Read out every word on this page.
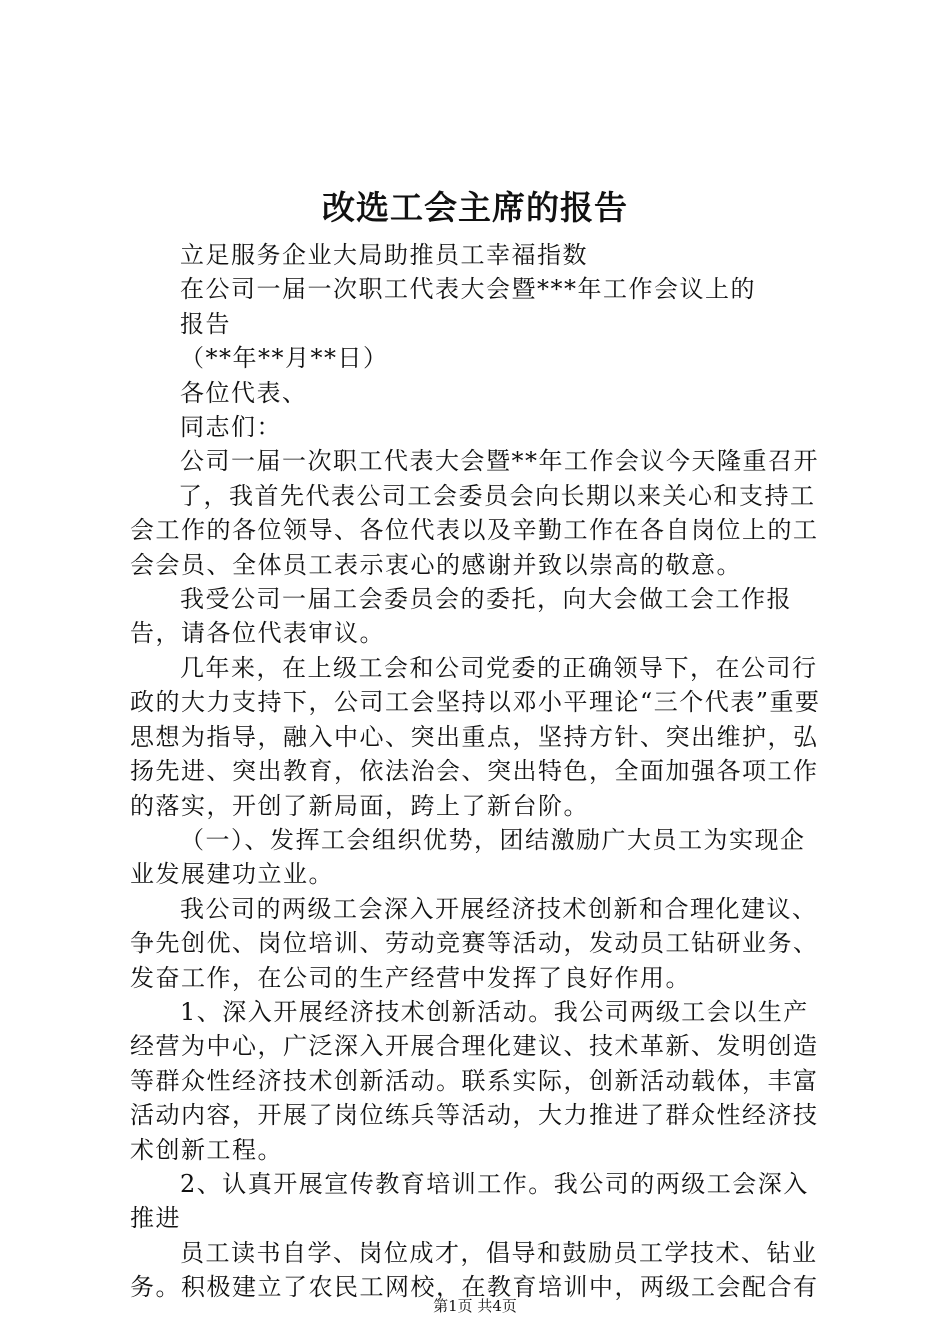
改选工会主席的报告

立足服务企业大局助推员工幸福指数

在公司一届一次职工代表大会暨***年工作会议上的

报告

（**年**月**日）

各位代表、

同志们：

公司一届一次职工代表大会暨**年工作会议今天隆重召开

了，我首先代表公司工会委员会向长期以来关心和支持工会工作的各位领导、各位代表以及辛勤工作在各自岗位上的工会会员、全体员工表示衷心的感谢并致以崇高的敬意。

我受公司一届工会委员会的委托，向大会做工会工作报告，请各位代表审议。

几年来，在上级工会和公司党委的正确领导下，在公司行政的大力支持下，公司工会坚持以邓小平理论“三个代表”重要思想为指导，融入中心、突出重点，坚持方针、突出维护，弘扬先进、突出教育，依法治会、突出特色，全面加强各项工作的落实，开创了新局面，跨上了新台阶。

（一）、发挥工会组织优势，团结激励广大员工为实现企业发展建功立业。

我公司的两级工会深入开展经济技术创新和合理化建议、争先创优、岗位培训、劳动竞赛等活动，发动员工钻研业务、发奋工作，在公司的生产经营中发挥了良好作用。

1、深入开展经济技术创新活动。我公司两级工会以生产经营为中心，广泛深入开展合理化建议、技术革新、发明创造等群众性经济技术创新活动。联系实际，创新活动载体，丰富活动内容，开展了岗位练兵等活动，大力推进了群众性经济技术创新工程。

2、认真开展宣传教育培训工作。我公司的两级工会深入推进

员工读书自学、岗位成才，倡导和鼓励员工学技术、钻业务。积极建立了农民工网校，在教育培训中，两级工会配合有

第1页 共4页
